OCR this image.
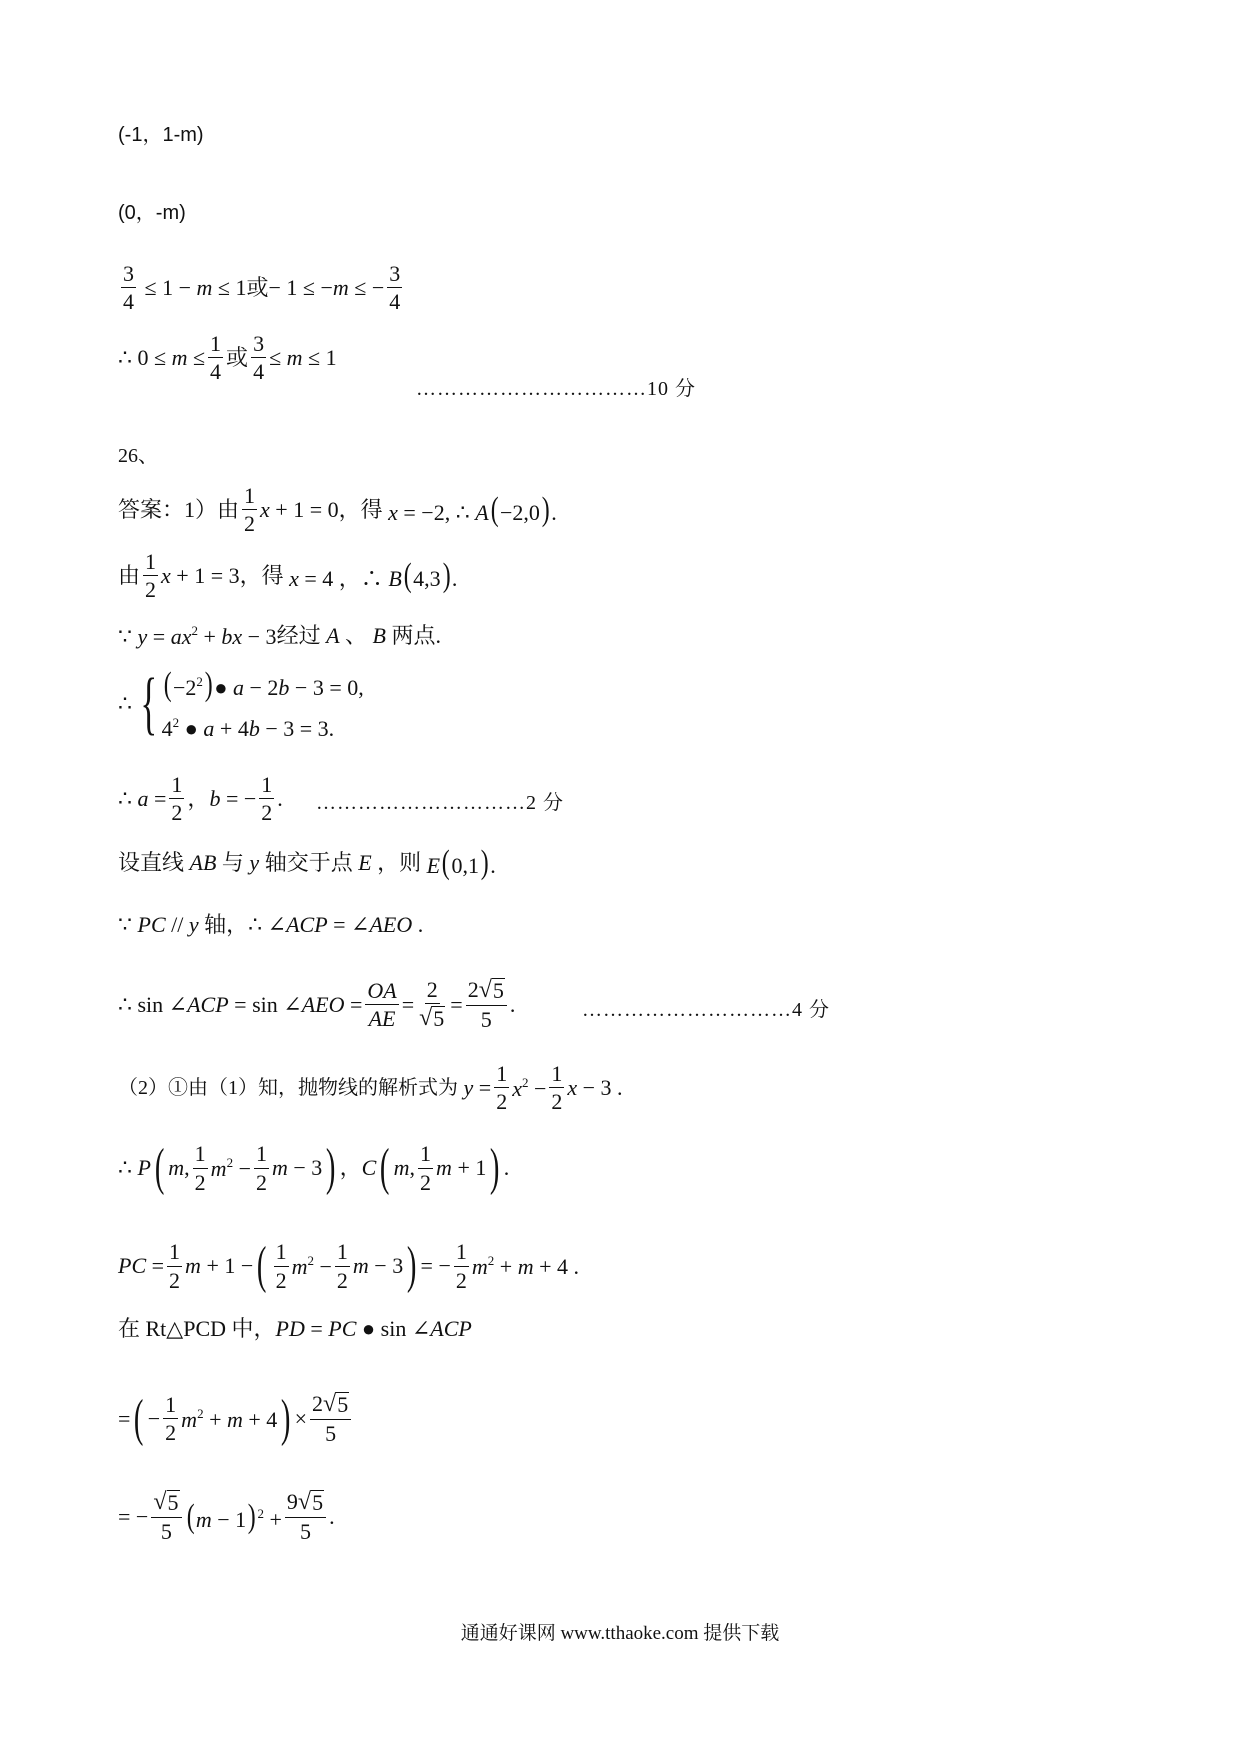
(-1，1-m)
(0，-m)
$\frac{3}{4} \le 1 - m \le 1$ 或 − 1 ≤ −m ≤ − $\frac{3}{4}$
∴ $0 \le m \le \frac{1}{4}$ 或 $\frac{3}{4} \le m \le 1$
……………………………10 分
26、
答案：1）由 $\frac{1}{2}$ x + 1 = 0 ，得 x = −2, ∴ A(−2,0).
由 $\frac{1}{2}$ x + 1 = 3 ，得 x = 4 ，∴ B(4,3).
∵ $y = ax^2$ + bx − 3 经过 A 、 B 两点.
∴ { $(-2^2)●$ a − 2b − 3 = 0,
$4^2$ ● a + 4b − 3 = 3.
∴ $a = \frac{1}{2}$ ，b = − $\frac{1}{2}$ . …………………………2 分
设直线 AB 与 y 轴交于点 E ，则 E(0,1).
∵ PC // y 轴， ∴ ∠ACP = ∠AEO .
∴ sin ∠ACP = sin ∠AEO = $\frac{OA}{AE} = \frac{2}{√ 5} = \frac{2 √ 5}{5}$ .	…………………………4 分
（2）①由（1）知，抛物线的解析式为 $y = \frac{1}{2} x^2 - \frac{1}{2}$ x − 3 .
∴ P ( m, $\frac{1}{2} m^2 - \frac{1}{2}$ m − 3 ) ，C ( m, $\frac{1}{2}$ m + 1 ) .
PC = $\frac{1}{2}$ m + 1 − ( $\frac{1}{2} m^2 - \frac{1}{2}$ m − 3 ) = − $\frac{1}{2} m^2 + m + 4$ .
在 Rt△PCD 中， PD = PC ● sin ∠ACP
= ( − $\frac{1}{2} m^2 + m + 4$ ) × $\frac{2 √ 5}{5}$
= − $\frac{√ 5}{5} (m - 1) ^2 + \frac{9 √ 5}{5}$ .
通通好课网 www.tthaoke.com 提供下载
